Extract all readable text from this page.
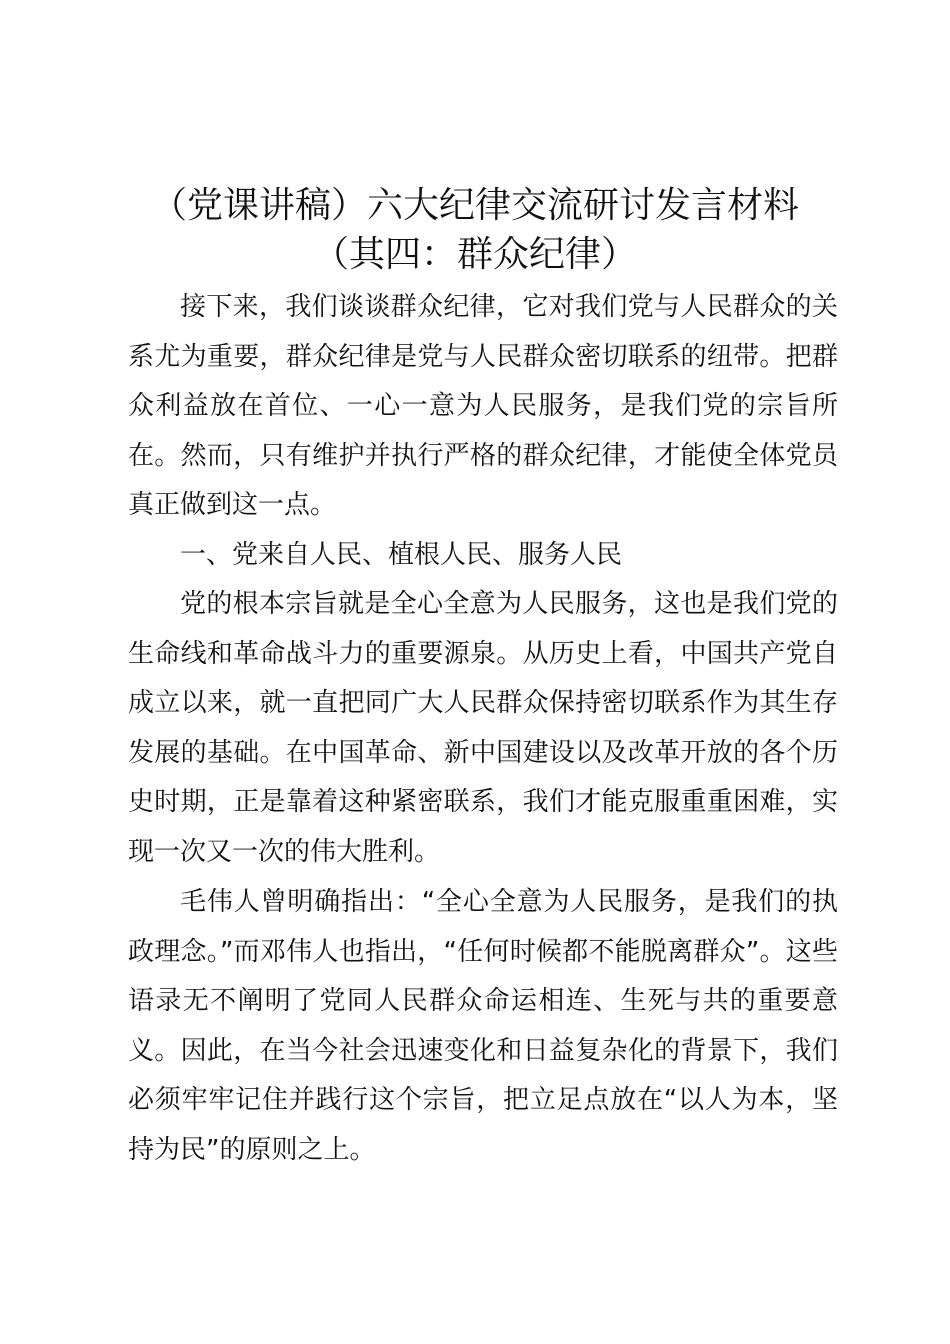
（党课讲稿）六大纪律交流研讨发言材料
（其四：群众纪律）

接下来，我们谈谈群众纪律，它对我们党与人民群众的关系尤为重要，群众纪律是党与人民群众密切联系的纽带。把群众利益放在首位、一心一意为人民服务，是我们党的宗旨所在。然而，只有维护并执行严格的群众纪律，才能使全体党员真正做到这一点。

一、党来自人民、植根人民、服务人民

党的根本宗旨就是全心全意为人民服务，这也是我们党的生命线和革命战斗力的重要源泉。从历史上看，中国共产党自成立以来，就一直把同广大人民群众保持密切联系作为其生存发展的基础。在中国革命、新中国建设以及改革开放的各个历史时期，正是靠着这种紧密联系，我们才能克服重重困难，实现一次又一次的伟大胜利。

毛伟人曾明确指出：“全心全意为人民服务，是我们的执政理念。”而邓伟人也指出，“任何时候都不能脱离群众”。这些语录无不阐明了党同人民群众命运相连、生死与共的重要意义。因此，在当今社会迅速变化和日益复杂化的背景下，我们必须牢牢记住并践行这个宗旨，把立足点放在“以人为本，坚持为民”的原则之上。
